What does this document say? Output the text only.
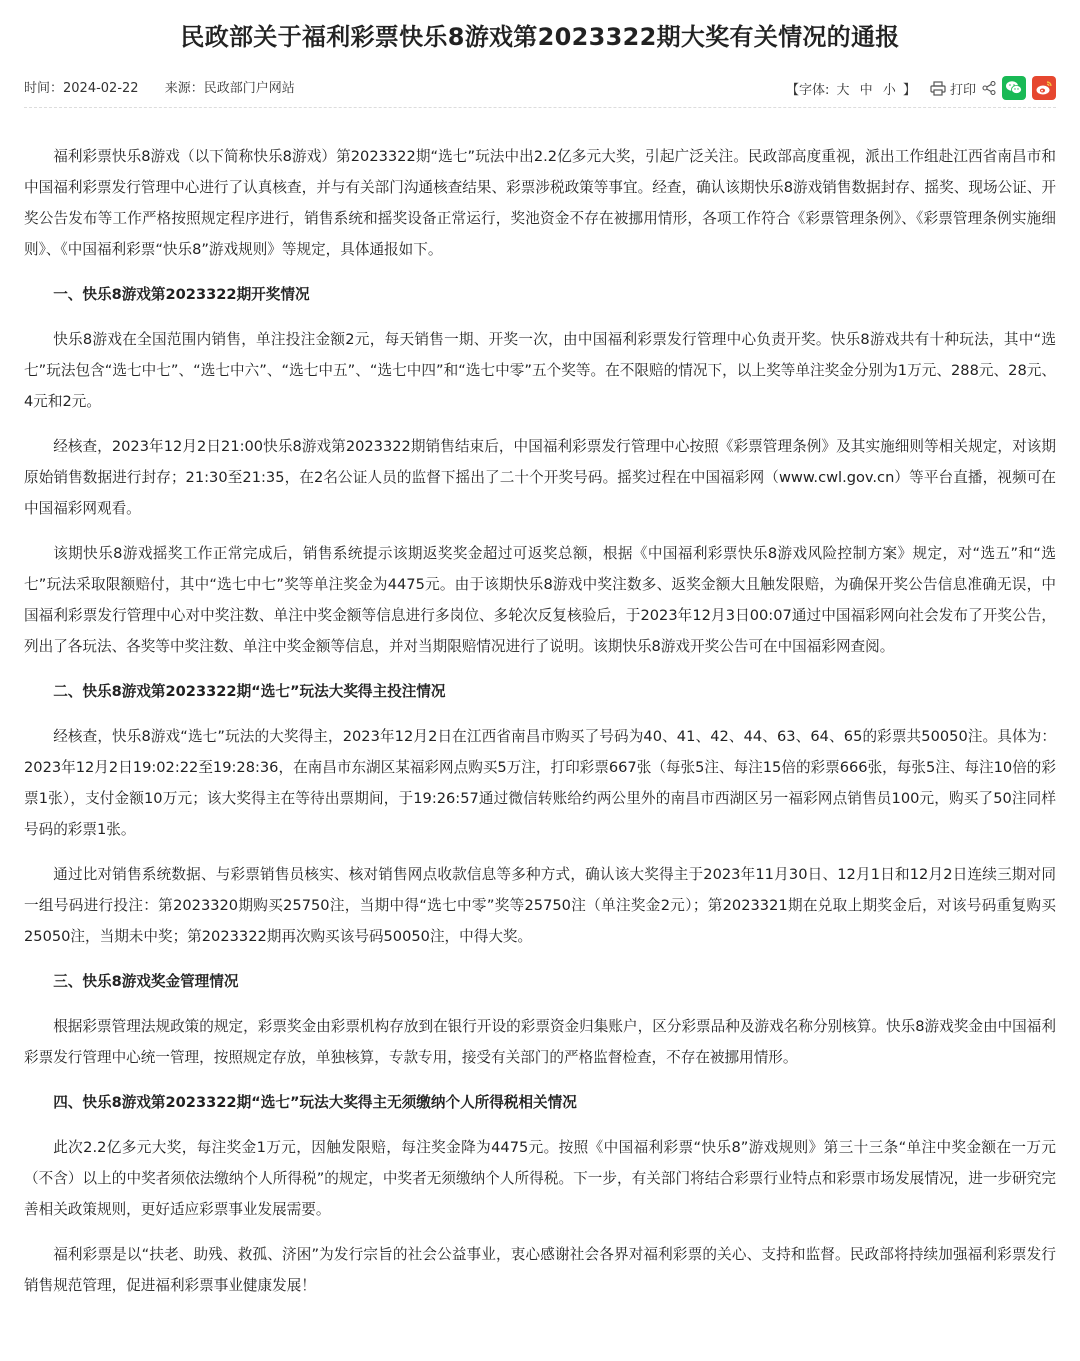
民政部关于福利彩票快乐8游戏第2023322期大奖有关情况的通报
时间：2024-02-22 来源：民政部门户网站	【字体: 大 中 小 】	打印

福利彩票快乐8游戏（以下简称快乐8游戏）第2023322期“选七”玩法中出2.2亿多元大奖，引起广泛关注。民政部高度重视，派出工作组赴江西省南昌市和中国福利彩票发行管理中心进行了认真核查，并与有关部门沟通核查结果、彩票涉税政策等事宜。经查，确认该期快乐8游戏销售数据封存、摇奖、现场公证、开奖公告发布等工作严格按照规定程序进行，销售系统和摇奖设备正常运行，奖池资金不存在被挪用情形，各项工作符合《彩票管理条例》、《彩票管理条例实施细则》、《中国福利彩票“快乐8”游戏规则》等规定，具体通报如下。

一、快乐8游戏第2023322期开奖情况

快乐8游戏在全国范围内销售，单注投注金额2元，每天销售一期、开奖一次，由中国福利彩票发行管理中心负责开奖。快乐8游戏共有十种玩法，其中“选七”玩法包含“选七中七”、“选七中六”、“选七中五”、“选七中四”和“选七中零”五个奖等。在不限赔的情况下，以上奖等单注奖金分别为1万元、288元、28元、4元和2元。

经核查，2023年12月2日21:00快乐8游戏第2023322期销售结束后，中国福利彩票发行管理中心按照《彩票管理条例》及其实施细则等相关规定，对该期原始销售数据进行封存；21:30至21:35，在2名公证人员的监督下摇出了二十个开奖号码。摇奖过程在中国福彩网（www.cwl.gov.cn）等平台直播，视频可在中国福彩网观看。

该期快乐8游戏摇奖工作正常完成后，销售系统提示该期返奖奖金超过可返奖总额，根据《中国福利彩票快乐8游戏风险控制方案》规定，对“选五”和“选七”玩法采取限额赔付，其中“选七中七”奖等单注奖金为4475元。由于该期快乐8游戏中奖注数多、返奖金额大且触发限赔，为确保开奖公告信息准确无误，中国福利彩票发行管理中心对中奖注数、单注中奖金额等信息进行多岗位、多轮次反复核验后，于2023年12月3日00:07通过中国福彩网向社会发布了开奖公告，列出了各玩法、各奖等中奖注数、单注中奖金额等信息，并对当期限赔情况进行了说明。该期快乐8游戏开奖公告可在中国福彩网查阅。

二、快乐8游戏第2023322期“选七”玩法大奖得主投注情况

经核查，快乐8游戏“选七”玩法的大奖得主，2023年12月2日在江西省南昌市购买了号码为40、41、42、44、63、64、65的彩票共50050注。具体为：2023年12月2日19:02:22至19:28:36，在南昌市东湖区某福彩网点购买5万注，打印彩票667张（每张5注、每注15倍的彩票666张，每张5注、每注10倍的彩票1张），支付金额10万元；该大奖得主在等待出票期间，于19:26:57通过微信转账给约两公里外的南昌市西湖区另一福彩网点销售员100元，购买了50注同样号码的彩票1张。

通过比对销售系统数据、与彩票销售员核实、核对销售网点收款信息等多种方式，确认该大奖得主于2023年11月30日、12月1日和12月2日连续三期对同一组号码进行投注：第2023320期购买25750注，当期中得“选七中零”奖等25750注（单注奖金2元）；第2023321期在兑取上期奖金后，对该号码重复购买25050注，当期未中奖；第2023322期再次购买该号码50050注，中得大奖。

三、快乐8游戏奖金管理情况

根据彩票管理法规政策的规定，彩票奖金由彩票机构存放到在银行开设的彩票资金归集账户，区分彩票品种及游戏名称分别核算。快乐8游戏奖金由中国福利彩票发行管理中心统一管理，按照规定存放，单独核算，专款专用，接受有关部门的严格监督检查，不存在被挪用情形。

四、快乐8游戏第2023322期“选七”玩法大奖得主无须缴纳个人所得税相关情况

此次2.2亿多元大奖，每注奖金1万元，因触发限赔，每注奖金降为4475元。按照《中国福利彩票“快乐8”游戏规则》第三十三条“单注中奖金额在一万元（不含）以上的中奖者须依法缴纳个人所得税”的规定，中奖者无须缴纳个人所得税。下一步，有关部门将结合彩票行业特点和彩票市场发展情况，进一步研究完善相关政策规则，更好适应彩票事业发展需要。

福利彩票是以“扶老、助残、救孤、济困”为发行宗旨的社会公益事业，衷心感谢社会各界对福利彩票的关心、支持和监督。民政部将持续加强福利彩票发行销售规范管理，促进福利彩票事业健康发展！
